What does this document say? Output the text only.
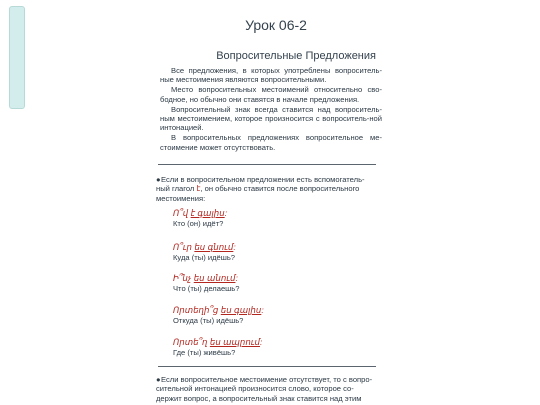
Урок 06-2
Вопросительные Предложения

Все предложения, в которых употреблены вопроситель-ные местоимения являются вопросительными.

Место вопросительных местоимений относительно сво-бодное, но обычно они ставятся в начале предложения.

Вопросительный знак всегда ставится над вопроситель-ным местоимением, которое произносится с вопроситель-ной интонацией.

В вопросительных предложениях вопросительное ме-стоимение может отсутствовать.

●Если в вопросительном предложении есть вспомогатель-ный глагол է, он обычно ставится после вопросительного местоимения:
Ո՞վ է գալիս:
Кто (он) идёт?
Ո՞ւր ես գնում:
Куда (ты) идёшь?
Ի՞նչ ես անում:
Что (ты) делаешь?
Որտեղի՞ց ես գալիս:
Откуда (ты) идёшь?
Որտե՞ղ ես ապրում:
Где (ты) живёшь?
●Если вопросительное местоимение отсутствует, то с вопро-сительной интонацией произносится слово, которое со-держит вопрос, а вопросительный знак ставится над этим
